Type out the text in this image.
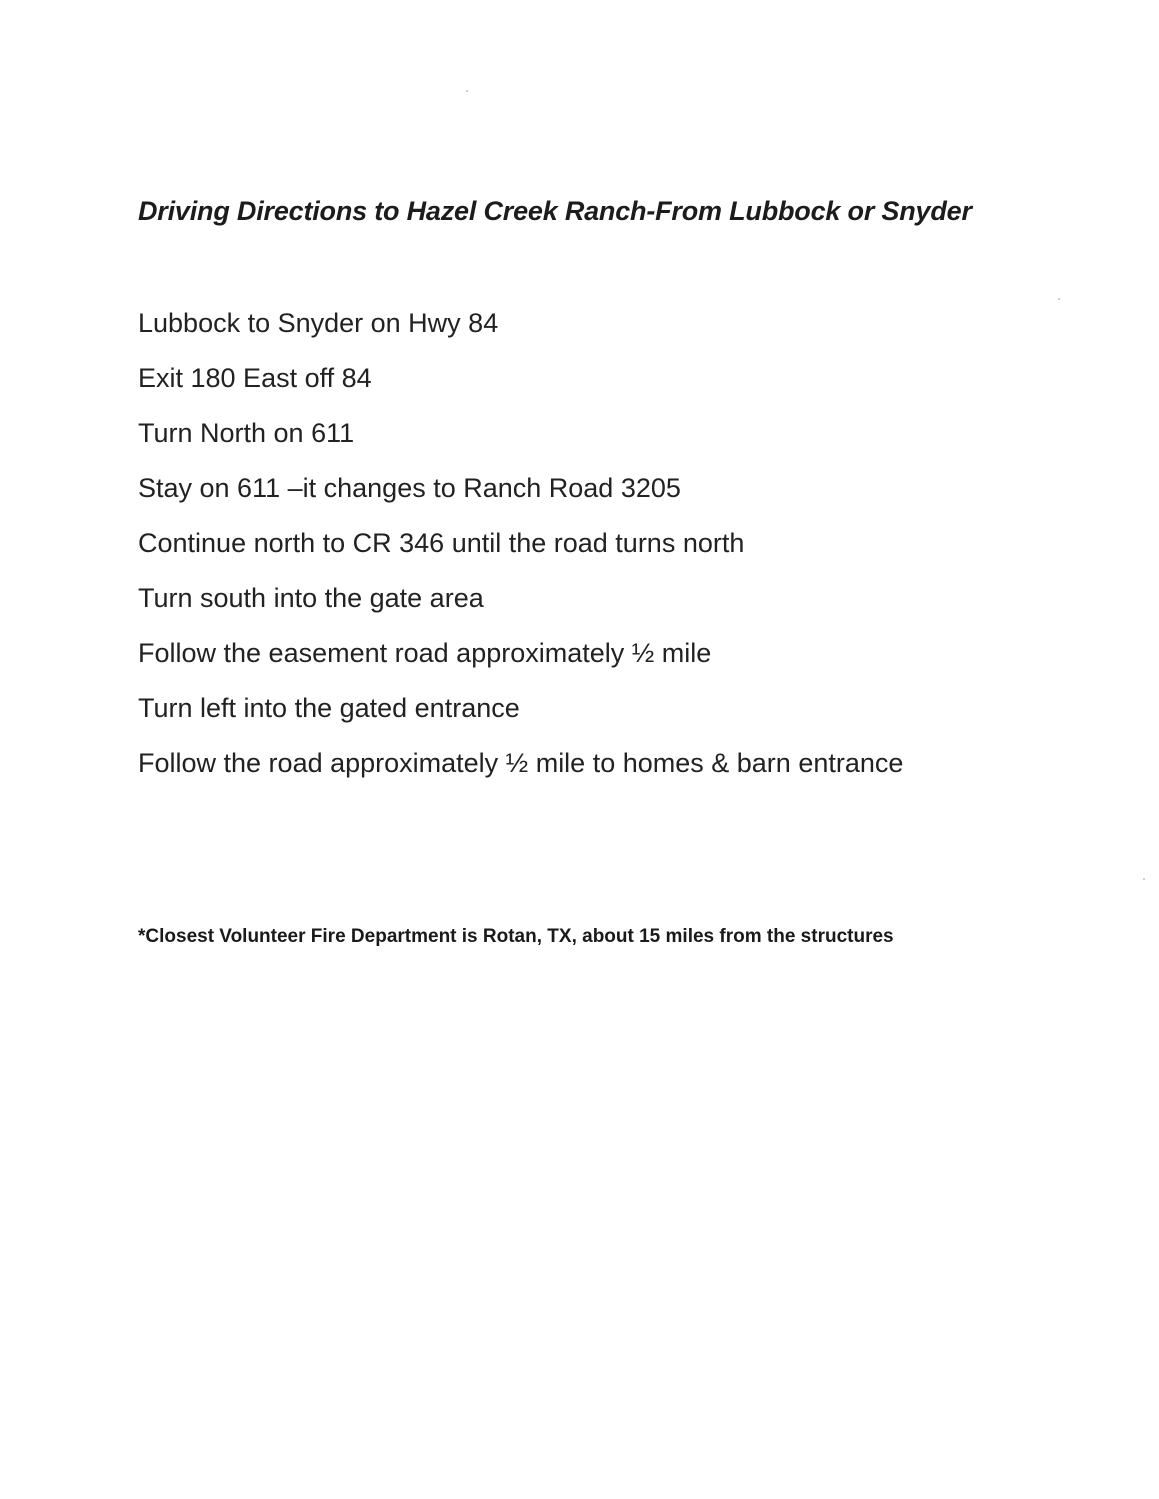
Driving Directions to Hazel Creek Ranch-From Lubbock or Snyder
Lubbock to Snyder on Hwy 84
Exit 180 East off 84
Turn North on 611
Stay on 611 –it changes to Ranch Road 3205
Continue north to CR 346 until the road turns north
Turn south into the gate area
Follow the easement road approximately ½ mile
Turn left into the gated entrance
Follow the road approximately ½ mile to homes & barn entrance

*Closest Volunteer Fire Department is Rotan, TX, about 15 miles from the structures
